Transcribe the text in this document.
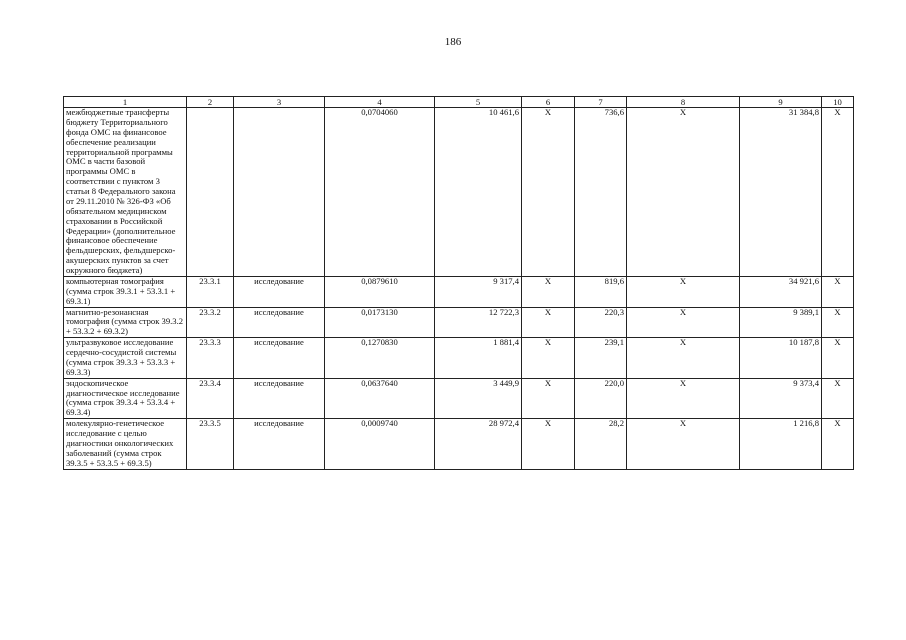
186
1	2	3	4	5	6	7	8	9	10
межбюджетные трансферты бюджету Территориального фонда ОМС на финансовое обеспечение реализации территориальной программы ОМС в части базовой программы ОМС в соответствии с пунктом 3 статьи 8 Федерального закона от 29.11.2010 № 326-ФЗ «Об обязательном медицинском страховании в Российской Федерации» (дополнительное финансовое обеспечение фельдшерских, фельдшерско-акушерских пунктов за счет окружного бюджета)			0,0704060	10 461,6	Х	736,6	Х	31 384,8	Х
компьютерная томография (сумма строк 39.3.1 + 53.3.1 + 69.3.1)	23.3.1	исследование	0,0879610	9 317,4	Х	819,6	Х	34 921,6	Х
магнитно-резонансная томография (сумма строк 39.3.2 + 53.3.2 + 69.3.2)	23.3.2	исследование	0,0173130	12 722,3	Х	220,3	Х	9 389,1	Х
ультразвуковое исследование сердечно-сосудистой системы (сумма строк 39.3.3 + 53.3.3 + 69.3.3)	23.3.3	исследование	0,1270830	1 881,4	Х	239,1	Х	10 187,8	Х
эндоскопическое диагностическое исследование (сумма строк 39.3.4 + 53.3.4 + 69.3.4)	23.3.4	исследование	0,0637640	3 449,9	Х	220,0	Х	9 373,4	Х
молекулярно-генетическое исследование с целью диагностики онкологических заболеваний (сумма строк 39.3.5 + 53.3.5 + 69.3.5)	23.3.5	исследование	0,0009740	28 972,4	Х	28,2	Х	1 216,8	Х
